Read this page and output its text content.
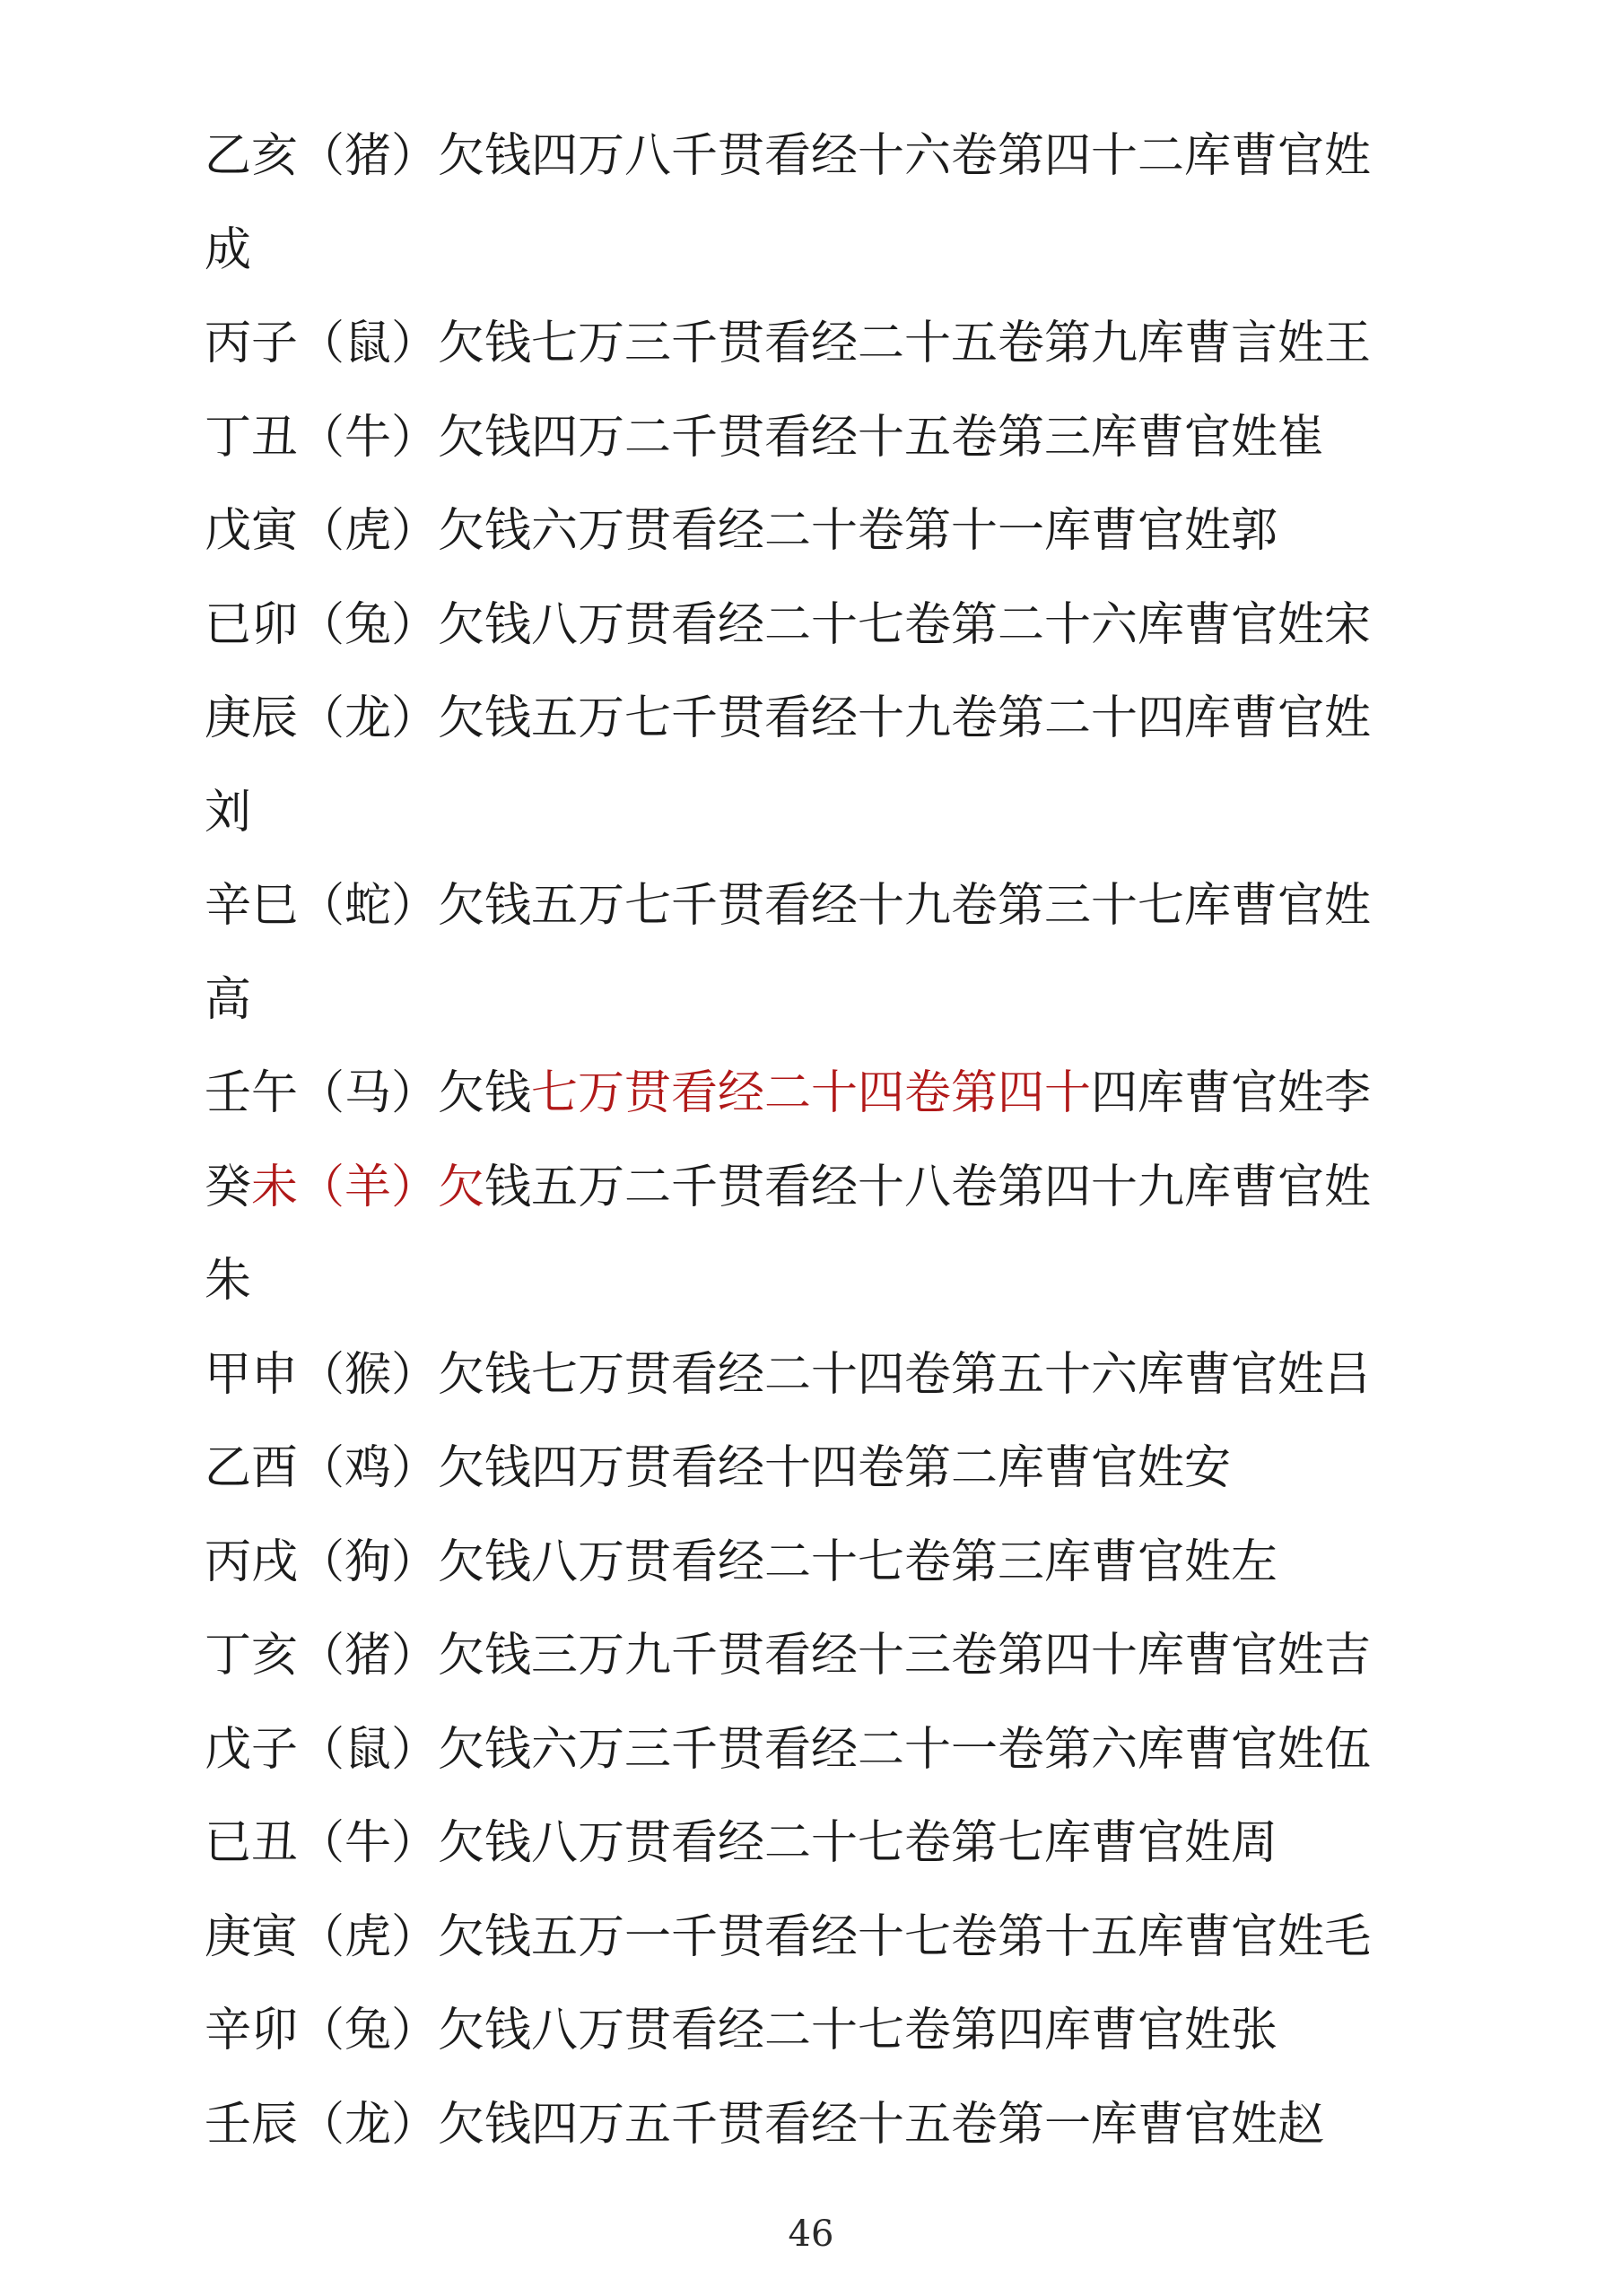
乙亥（猪）欠钱四万八千贯看经十六卷第四十二库曹官姓
成
丙子（鼠）欠钱七万三千贯看经二十五卷第九库曹言姓王
丁丑（牛）欠钱四万二千贯看经十五卷第三库曹官姓崔
戊寅（虎）欠钱六万贯看经二十卷第十一库曹官姓郭
已卯（兔）欠钱八万贯看经二十七卷第二十六库曹官姓宋
庚辰（龙）欠钱五万七千贯看经十九卷第二十四库曹官姓
刘
辛巳（蛇）欠钱五万七千贯看经十九卷第三十七库曹官姓
高
壬午（马）欠钱七万贯看经二十四卷第四十四库曹官姓李
癸未（羊）欠钱五万二千贯看经十八卷第四十九库曹官姓
朱
甲申（猴）欠钱七万贯看经二十四卷第五十六库曹官姓吕
乙酉（鸡）欠钱四万贯看经十四卷第二库曹官姓安
丙戌（狗）欠钱八万贯看经二十七卷第三库曹官姓左
丁亥（猪）欠钱三万九千贯看经十三卷第四十库曹官姓吉
戊子（鼠）欠钱六万三千贯看经二十一卷第六库曹官姓伍
已丑（牛）欠钱八万贯看经二十七卷第七库曹官姓周
庚寅（虎）欠钱五万一千贯看经十七卷第十五库曹官姓毛
辛卯（兔）欠钱八万贯看经二十七卷第四库曹官姓张
壬辰（龙）欠钱四万五千贯看经十五卷第一库曹官姓赵
46
